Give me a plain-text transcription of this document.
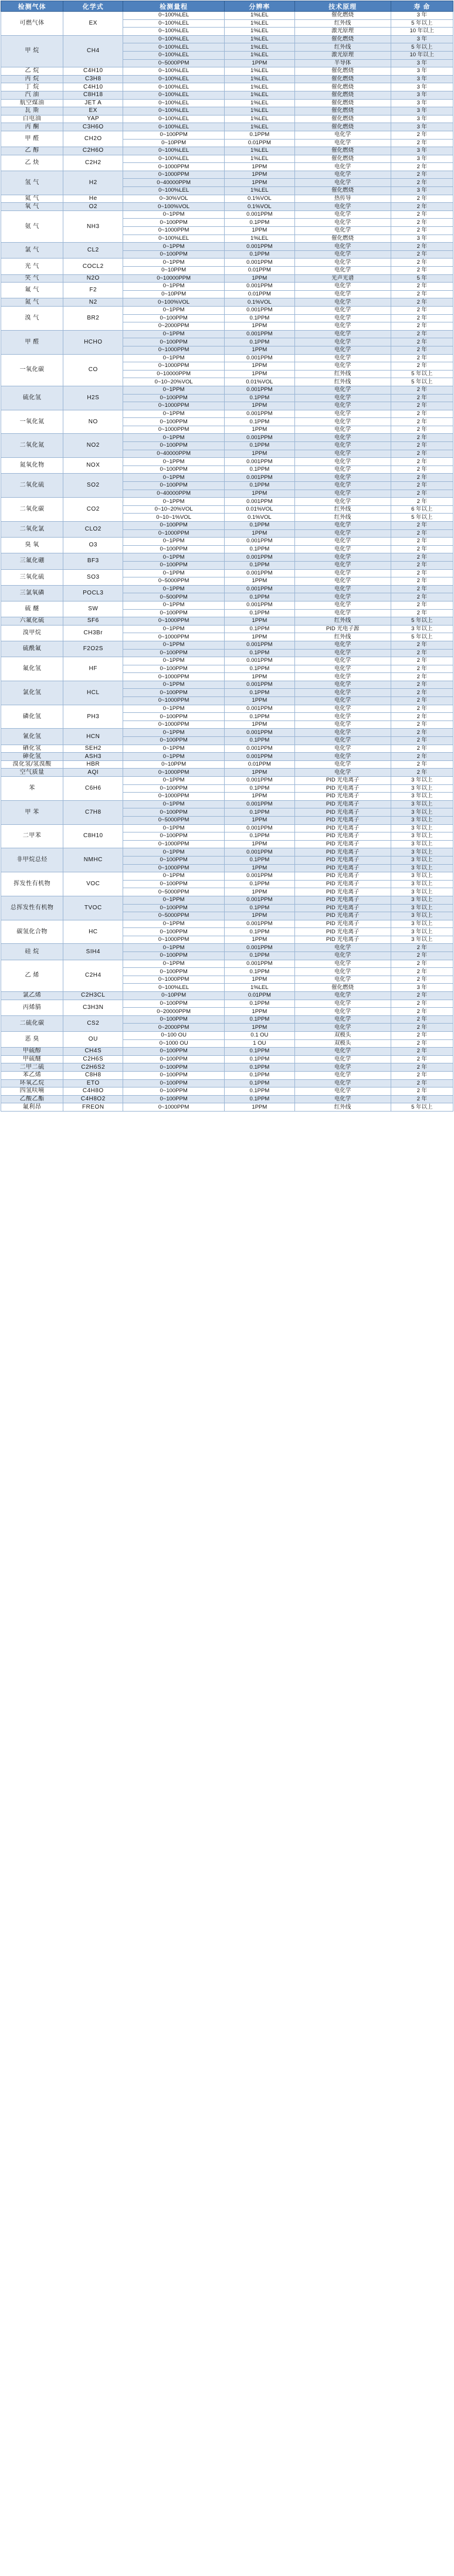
检测气体	化学式	检测量程	分辨率	技术原理	寿 命
可燃气体	EX	0~100%LEL	1%LEL	催化燃烧	3 年
		0~100%LEL	1%LEL	红外线	5 年以上
		0~100%LEL	1%LEL	激光原理	10 年以上
甲 烷	CH4	0~100%LEL	1%LEL	催化燃烧	3 年
		0~100%LEL	1%LEL	红外线	5 年以上
		0~100%LEL	1%LEL	激光原理	10 年以上
		0~5000PPM	1PPM	半导体	3 年
乙 烷	C4H10	0~100%LEL	1%LEL	催化燃烧	3 年
丙 烷	C3H8	0~100%LEL	1%LEL	催化燃烧	3 年
丁 烷	C4H10	0~100%LEL	1%LEL	催化燃烧	3 年
汽 油	C8H18	0~100%LEL	1%LEL	催化燃烧	3 年
航空煤油	JET A	0~100%LEL	1%LEL	催化燃烧	3 年
瓦 斯	EX	0~100%LEL	1%LEL	催化燃烧	3 年
白电油	YAP	0~100%LEL	1%LEL	催化燃烧	3 年
丙 酮	C3H6O	0~100%LEL	1%LEL	催化燃烧	3 年
甲 醛	CH2O	0~100PPM	0.1PPM	电化学	2 年
		0~10PPM	0.01PPM	电化学	2 年
乙 醇	C2H6O	0~100%LEL	1%LEL	催化燃烧	3 年
乙 炔	C2H2	0~100%LEL	1%LEL	催化燃烧	3 年
		0~1000PPM	1PPM	电化学	2 年
氢 气	H2	0~1000PPM	1PPM	电化学	2 年
		0~40000PPM	1PPM	电化学	2 年
		0~100%LEL	1%LEL	催化燃烧	3 年
氦 气	He	0~30%VOL	0.1%VOL	热传导	2 年
氧 气	O2	0~100%VOL	0.1%VOL	电化学	2 年
氨 气	NH3	0~1PPM	0.001PPM	电化学	2 年
		0~100PPM	0.1PPM	电化学	2 年
		0~1000PPM	1PPM	电化学	2 年
		0~100%LEL	1%LEL	催化燃烧	3 年
氯 气	CL2	0~1PPM	0.001PPM	电化学	2 年
		0~100PPM	0.1PPM	电化学	2 年
光 气	COCL2	0~1PPM	0.001PPM	电化学	2 年
		0~10PPM	0.01PPM	电化学	2 年
笑 气	N2O	0~10000PPM	1PPM	光声光谱	5 年
氟 气	F2	0~1PPM	0.001PPM	电化学	2 年
		0~10PPM	0.01PPM	电化学	2 年
氮 气	N2	0~100%VOL	0.1%VOL	电化学	2 年
溴 气	BR2	0~1PPM	0.001PPM	电化学	2 年
		0~100PPM	0.1PPM	电化学	2 年
		0~2000PPM	1PPM	电化学	2 年
甲 醛	HCHO	0~1PPM	0.001PPM	电化学	2 年
		0~100PPM	0.1PPM	电化学	2 年
		0~1000PPM	1PPM	电化学	2 年
一氧化碳	CO	0~1PPM	0.001PPM	电化学	2 年
		0~1000PPM	1PPM	电化学	2 年
		0~10000PPM	1PPM	红外线	5 年以上
		0~10~20%VOL	0.01%VOL	红外线	5 年以上
硫化氢	H2S	0~1PPM	0.001PPM	电化学	2 年
		0~100PPM	0.1PPM	电化学	2 年
		0~1000PPM	1PPM	电化学	2 年
一氧化氮	NO	0~1PPM	0.001PPM	电化学	2 年
		0~100PPM	0.1PPM	电化学	2 年
		0~1000PPM	1PPM	电化学	2 年
二氧化氮	NO2	0~1PPM	0.001PPM	电化学	2 年
		0~100PPM	0.1PPM	电化学	2 年
		0~40000PPM	1PPM	电化学	2 年
氮氧化物	NOX	0~1PPM	0.001PPM	电化学	2 年
		0~100PPM	0.1PPM	电化学	2 年
二氧化硫	SO2	0~1PPM	0.001PPM	电化学	2 年
		0~100PPM	0.1PPM	电化学	2 年
		0~40000PPM	1PPM	电化学	2 年
二氧化碳	CO2	0~1PPM	0.001PPM	电化学	2 年
		0~10~20%VOL	0.01%VOL	红外线	6 年以上
		0~10~1%VOL	0.1%VOL	红外线	5 年以上
二氧化氯	CLO2	0~100PPM	0.1PPM	电化学	2 年
		0~1000PPM	1PPM	电化学	2 年
臭 氧	O3	0~1PPM	0.001PPM	电化学	2 年
		0~100PPM	0.1PPM	电化学	2 年
三氟化硼	BF3	0~1PPM	0.001PPM	电化学	2 年
		0~100PPM	0.1PPM	电化学	2 年
三氧化硫	SO3	0~1PPM	0.001PPM	电化学	2 年
		0~5000PPM	1PPM	电化学	2 年
三氯氧磷	POCL3	0~1PPM	0.001PPM	电化学	2 年
		0~500PPM	0.1PPM	电化学	2 年
硫 醚	SW	0~1PPM	0.001PPM	电化学	2 年
		0~100PPM	0.1PPM	电化学	2 年
六氟化硫	SF6	0~1000PPM	1PPM	红外线	5 年以上
溴甲烷	CH3Br	0~1PPM	0.1PPM	PID 光电子源	3 年以上
		0~1000PPM	1PPM	红外线	5 年以上
硫酰氟	F2O2S	0~1PPM	0.001PPM	电化学	2 年
		0~100PPM	0.1PPM	电化学	2 年
氟化氢	HF	0~1PPM	0.001PPM	电化学	2 年
		0~100PPM	0.1PPM	电化学	2 年
		0~1000PPM	1PPM	电化学	2 年
氯化氢	HCL	0~1PPM	0.001PPM	电化学	2 年
		0~100PPM	0.1PPM	电化学	2 年
		0~1000PPM	1PPM	电化学	2 年
磷化氢	PH3	0~1PPM	0.001PPM	电化学	2 年
		0~100PPM	0.1PPM	电化学	2 年
		0~1000PPM	1PPM	电化学	2 年
氰化氢	HCN	0~1PPM	0.001PPM	电化学	2 年
		0~100PPM	0.1PPM	电化学	2 年
硒化氢	SEH2	0~1PPM	0.001PPM	电化学	2 年
砷化氢	ASH3	0~1PPM	0.001PPM	电化学	2 年
溴化氢/氢溴酸	HBR	0~10PPM	0.01PPM	电化学	2 年
空气质量	AQI	0~1000PPM	1PPM	电化学	2 年
苯	C6H6	0~1PPM	0.001PPM	PID 光电离子	3 年以上
		0~100PPM	0.1PPM	PID 光电离子	3 年以上
		0~1000PPM	1PPM	PID 光电离子	3 年以上
甲 苯	C7H8	0~1PPM	0.001PPM	PID 光电离子	3 年以上
		0~100PPM	0.1PPM	PID 光电离子	3 年以上
		0~5000PPM	1PPM	PID 光电离子	3 年以上
二甲苯	C8H10	0~1PPM	0.001PPM	PID 光电离子	3 年以上
		0~100PPM	0.1PPM	PID 光电离子	3 年以上
		0~1000PPM	1PPM	PID 光电离子	3 年以上
非甲烷总烃	NMHC	0~1PPM	0.001PPM	PID 光电离子	3 年以上
		0~100PPM	0.1PPM	PID 光电离子	3 年以上
		0~1000PPM	1PPM	PID 光电离子	3 年以上
挥发性有机物	VOC	0~1PPM	0.001PPM	PID 光电离子	3 年以上
		0~100PPM	0.1PPM	PID 光电离子	3 年以上
		0~5000PPM	1PPM	PID 光电离子	3 年以上
总挥发性有机物	TVOC	0~1PPM	0.001PPM	PID 光电离子	3 年以上
		0~100PPM	0.1PPM	PID 光电离子	3 年以上
		0~5000PPM	1PPM	PID 光电离子	3 年以上
碳氢化合物	HC	0~1PPM	0.001PPM	PID 光电离子	3 年以上
		0~100PPM	0.1PPM	PID 光电离子	3 年以上
		0~1000PPM	1PPM	PID 光电离子	3 年以上
硅 烷	SIH4	0~1PPM	0.001PPM	电化学	2 年
		0~100PPM	0.1PPM	电化学	2 年
乙 烯	C2H4	0~1PPM	0.001PPM	电化学	2 年
		0~100PPM	0.1PPM	电化学	2 年
		0~1000PPM	1PPM	电化学	2 年
		0~100%LEL	1%LEL	催化燃烧	3 年
氯乙烯	C2H3CL	0~10PPM	0.01PPM	电化学	2 年
丙烯腈	C3H3N	0~100PPM	0.1PPM	电化学	2 年
		0~20000PPM	1PPM	电化学	2 年
二硫化碳	CS2	0~100PPM	0.1PPM	电化学	2 年
		0~2000PPM	1PPM	电化学	2 年
恶 臭	OU	0~100 OU	0.1 OU	双极头	2 年
		0~1000 OU	1 OU	双极头	2 年
甲硫醇	CH4S	0~100PPM	0.1PPM	电化学	2 年
甲硫醚	C2H6S	0~100PPM	0.1PPM	电化学	2 年
二甲二硫	C2H6S2	0~100PPM	0.1PPM	电化学	2 年
苯乙烯	C8H8	0~100PPM	0.1PPM	电化学	2 年
环氧乙烷	ETO	0~100PPM	0.1PPM	电化学	2 年
四氢呋喃	C4H8O	0~100PPM	0.1PPM	电化学	2 年
乙酸乙酯	C4H8O2	0~100PPM	0.1PPM	电化学	2 年
氟利昂	FREON	0~1000PPM	1PPM	红外线	5 年以上
